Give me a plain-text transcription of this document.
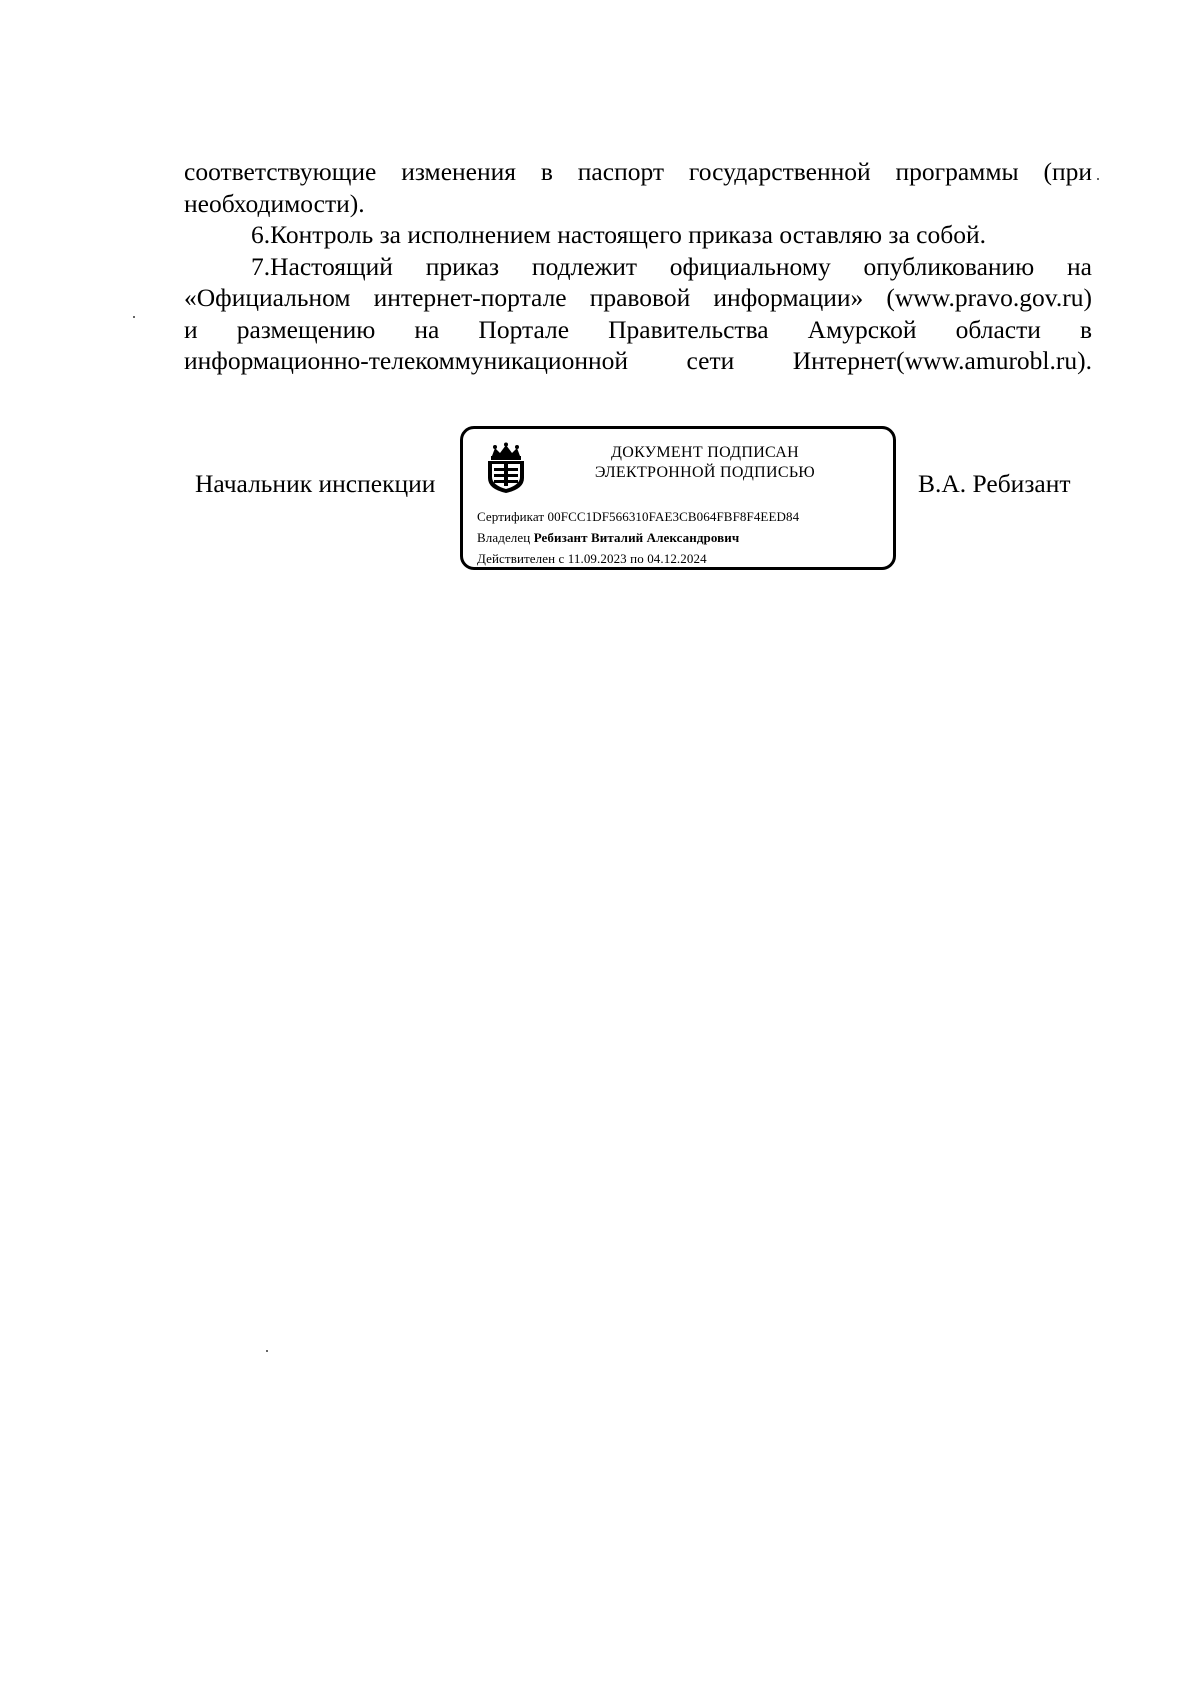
соответствующие изменения в паспорт государственной программы (при
необходимости).

6.Контроль за исполнением настоящего приказа оставляю за собой.

7.Настоящий приказ подлежит официальному опубликованию на
«Официальном интернет-портале правовой информации» (www.pravo.gov.ru)
и размещению на Порталe Правительства Амурской области в
информационно-телекоммуникационной сети Интернет(www.amurobl.ru).

Начальник инспекции
ДОКУМЕНТ ПОДПИСАН
ЭЛЕКТРОННОЙ ПОДПИСЬЮ
Сертификат 00FCC1DF566310FAE3CB064FBF8F4EED84
Владелец Ребизант Виталий Александрович
Действителен с 11.09.2023 по 04.12.2024
В.А. Ребизант
